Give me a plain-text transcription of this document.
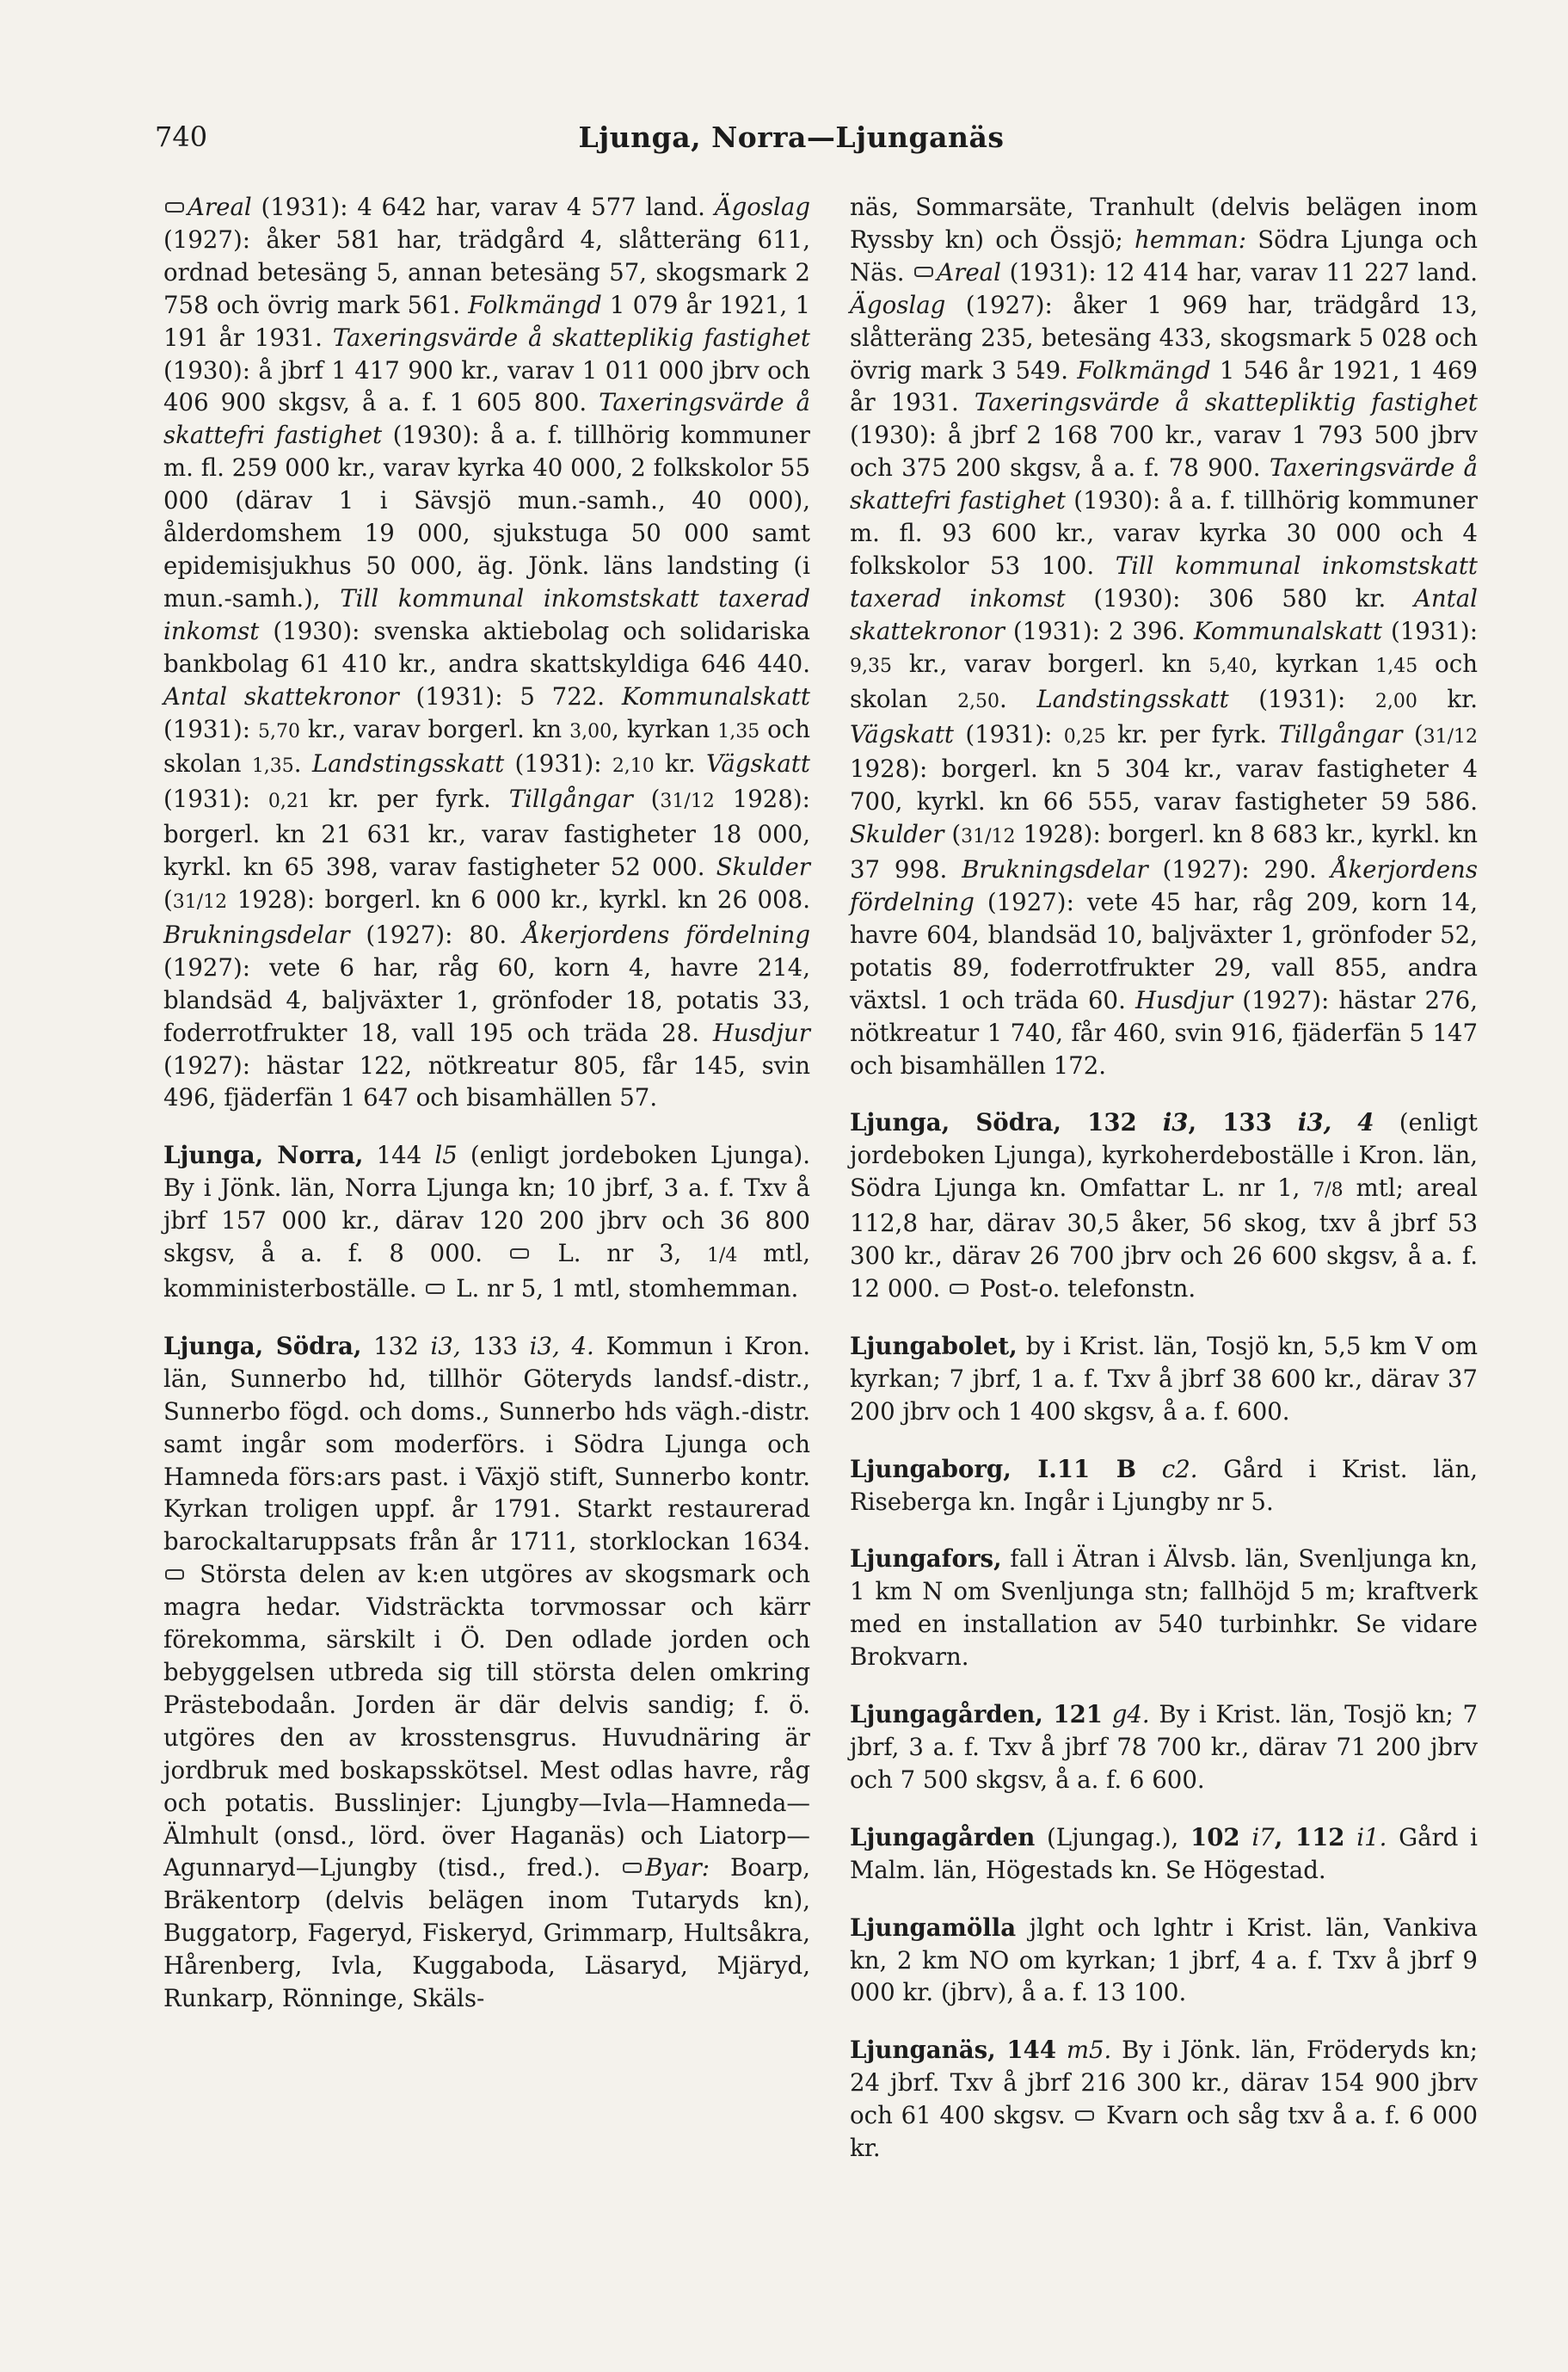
740	Ljunga, Norra—Ljunganäs

Areal (1931): 4 642 har, varav 4 577 land. Ägoslag (1927): åker 581 har, trädgård 4, slåtteräng 611, ordnad betesäng 5, annan betesäng 57, skogsmark 2 758 och övrig mark 561. Folkmängd 1 079 år 1921, 1 191 år 1931. Taxeringsvärde å skatteplikig fastighet (1930): å jbrf 1 417 900 kr., varav 1 011 000 jbrv och 406 900 skgsv, å a. f. 1 605 800. Taxeringsvärde å skattefri fastighet (1930): å a. f. tillhörig kommuner m. fl. 259 000 kr., varav kyrka 40 000, 2 folkskolor 55 000 (därav 1 i Sävsjö mun.-samh., 40 000), ålderdomshem 19 000, sjukstuga 50 000 samt epidemisjukhus 50 000, äg. Jönk. läns landsting (i mun.-samh.), Till kommunal inkomstskatt taxerad inkomst (1930): svenska aktiebolag och solidariska bankbolag 61 410 kr., andra skattskyldiga 646 440. Antal skattekronor (1931): 5 722. Kommunalskatt (1931): 5,70 kr., varav borgerl. kn 3,00, kyrkan 1,35 och skolan 1,35. Landstingsskatt (1931): 2,10 kr. Vägskatt (1931): 0,21 kr. per fyrk. Tillgångar (31/12 1928): borgerl. kn 21 631 kr., varav fastigheter 18 000, kyrkl. kn 65 398, varav fastigheter 52 000. Skulder (31/12 1928): borgerl. kn 6 000 kr., kyrkl. kn 26 008. Brukningsdelar (1927): 80. Åkerjordens fördelning (1927): vete 6 har, råg 60, korn 4, havre 214, blandsäd 4, baljväxter 1, grönfoder 18, potatis 33, foderrotfrukter 18, vall 195 och träda 28. Husdjur (1927): hästar 122, nötkreatur 805, får 145, svin 496, fjäderfän 1 647 och bisamhällen 57.

Ljunga, Norra, 144 l5 (enligt jordeboken Ljunga). By i Jönk. län, Norra Ljunga kn; 10 jbrf, 3 a. f. Txv å jbrf 157 000 kr., därav 120 200 jbrv och 36 800 skgsv, å a. f. 8 000.  L. nr 3, 1/4 mtl, komministerboställe.  L. nr 5, 1 mtl, stomhemman.

Ljunga, Södra, 132 i3, 133 i3, 4. Kommun i Kron. län, Sunnerbo hd, tillhör Göteryds landsf.-distr., Sunnerbo fögd. och doms., Sunnerbo hds vägh.-distr. samt ingår som moderförs. i Södra Ljunga och Hamneda förs:ars past. i Växjö stift, Sunnerbo kontr. Kyrkan troligen uppf. år 1791. Starkt restaurerad barockaltaruppsats från år 1711, storklockan 1634.  Största delen av k:en utgöres av skogsmark och magra hedar. Vidsträckta torvmossar och kärr förekomma, särskilt i Ö. Den odlade jorden och bebyggelsen utbreda sig till största delen omkring Prästebodaån. Jorden är där delvis sandig; f. ö. utgöres den av krosstensgrus. Huvudnäring är jordbruk med boskapsskötsel. Mest odlas havre, råg och potatis. Busslinjer: Ljungby—Ivla—Hamneda—Älmhult (onsd., lörd. över Haganäs) och Liatorp—Agunnaryd—Ljungby (tisd., fred.). Byar: Boarp, Bräkentorp (delvis belägen inom Tutaryds kn), Buggatorp, Fageryd, Fiskeryd, Grimmarp, Hultsåkra, Hårenberg, Ivla, Kuggaboda, Läsaryd, Mjäryd, Runkarp, Rönninge, Skäls-

näs, Sommarsäte, Tranhult (delvis belägen inom Ryssby kn) och Össjö; hemman: Södra Ljunga och Näs. Areal (1931): 12 414 har, varav 11 227 land. Ägoslag (1927): åker 1 969 har, trädgård 13, slåtteräng 235, betesäng 433, skogsmark 5 028 och övrig mark 3 549. Folkmängd 1 546 år 1921, 1 469 år 1931. Taxeringsvärde å skattepliktig fastighet (1930): å jbrf 2 168 700 kr., varav 1 793 500 jbrv och 375 200 skgsv, å a. f. 78 900. Taxeringsvärde å skattefri fastighet (1930): å a. f. tillhörig kommuner m. fl. 93 600 kr., varav kyrka 30 000 och 4 folkskolor 53 100. Till kommunal inkomstskatt taxerad inkomst (1930): 306 580 kr. Antal skattekronor (1931): 2 396. Kommunalskatt (1931): 9,35 kr., varav borgerl. kn 5,40, kyrkan 1,45 och skolan 2,50. Landstingsskatt (1931): 2,00 kr. Vägskatt (1931): 0,25 kr. per fyrk. Tillgångar (31/12 1928): borgerl. kn 5 304 kr., varav fastigheter 4 700, kyrkl. kn 66 555, varav fastigheter 59 586. Skulder (31/12 1928): borgerl. kn 8 683 kr., kyrkl. kn 37 998. Brukningsdelar (1927): 290. Åkerjordens fördelning (1927): vete 45 har, råg 209, korn 14, havre 604, blandsäd 10, baljväxter 1, grönfoder 52, potatis 89, foderrotfrukter 29, vall 855, andra växtsl. 1 och träda 60. Husdjur (1927): hästar 276, nötkreatur 1 740, får 460, svin 916, fjäderfän 5 147 och bisamhällen 172.

Ljunga, Södra, 132 i3, 133 i3, 4 (enligt jordeboken Ljunga), kyrkoherdeboställe i Kron. län, Södra Ljunga kn. Omfattar L. nr 1, 7/8 mtl; areal 112,8 har, därav 30,5 åker, 56 skog, txv å jbrf 53 300 kr., därav 26 700 jbrv och 26 600 skgsv, å a. f. 12 000.  Post-o. telefonstn.

Ljungabolet, by i Krist. län, Tosjö kn, 5,5 km V om kyrkan; 7 jbrf, 1 a. f. Txv å jbrf 38 600 kr., därav 37 200 jbrv och 1 400 skgsv, å a. f. 600.

Ljungaborg, I.11 B c2. Gård i Krist. län, Riseberga kn. Ingår i Ljungby nr 5.

Ljungafors, fall i Ätran i Älvsb. län, Svenljunga kn, 1 km N om Svenljunga stn; fallhöjd 5 m; kraftverk med en installation av 540 turbinhkr. Se vidare Brokvarn.

Ljungagården, 121 g4. By i Krist. län, Tosjö kn; 7 jbrf, 3 a. f. Txv å jbrf 78 700 kr., därav 71 200 jbrv och 7 500 skgsv, å a. f. 6 600.

Ljungagården (Ljungag.), 102 i7, 112 i1. Gård i Malm. län, Högestads kn. Se Högestad.

Ljungamölla jlght och lghtr i Krist. län, Vankiva kn, 2 km NO om kyrkan; 1 jbrf, 4 a. f. Txv å jbrf 9 000 kr. (jbrv), å a. f. 13 100.

Ljunganäs, 144 m5. By i Jönk. län, Fröderyds kn; 24 jbrf. Txv å jbrf 216 300 kr., därav 154 900 jbrv och 61 400 skgsv.  Kvarn och såg txv å a. f. 6 000 kr.
